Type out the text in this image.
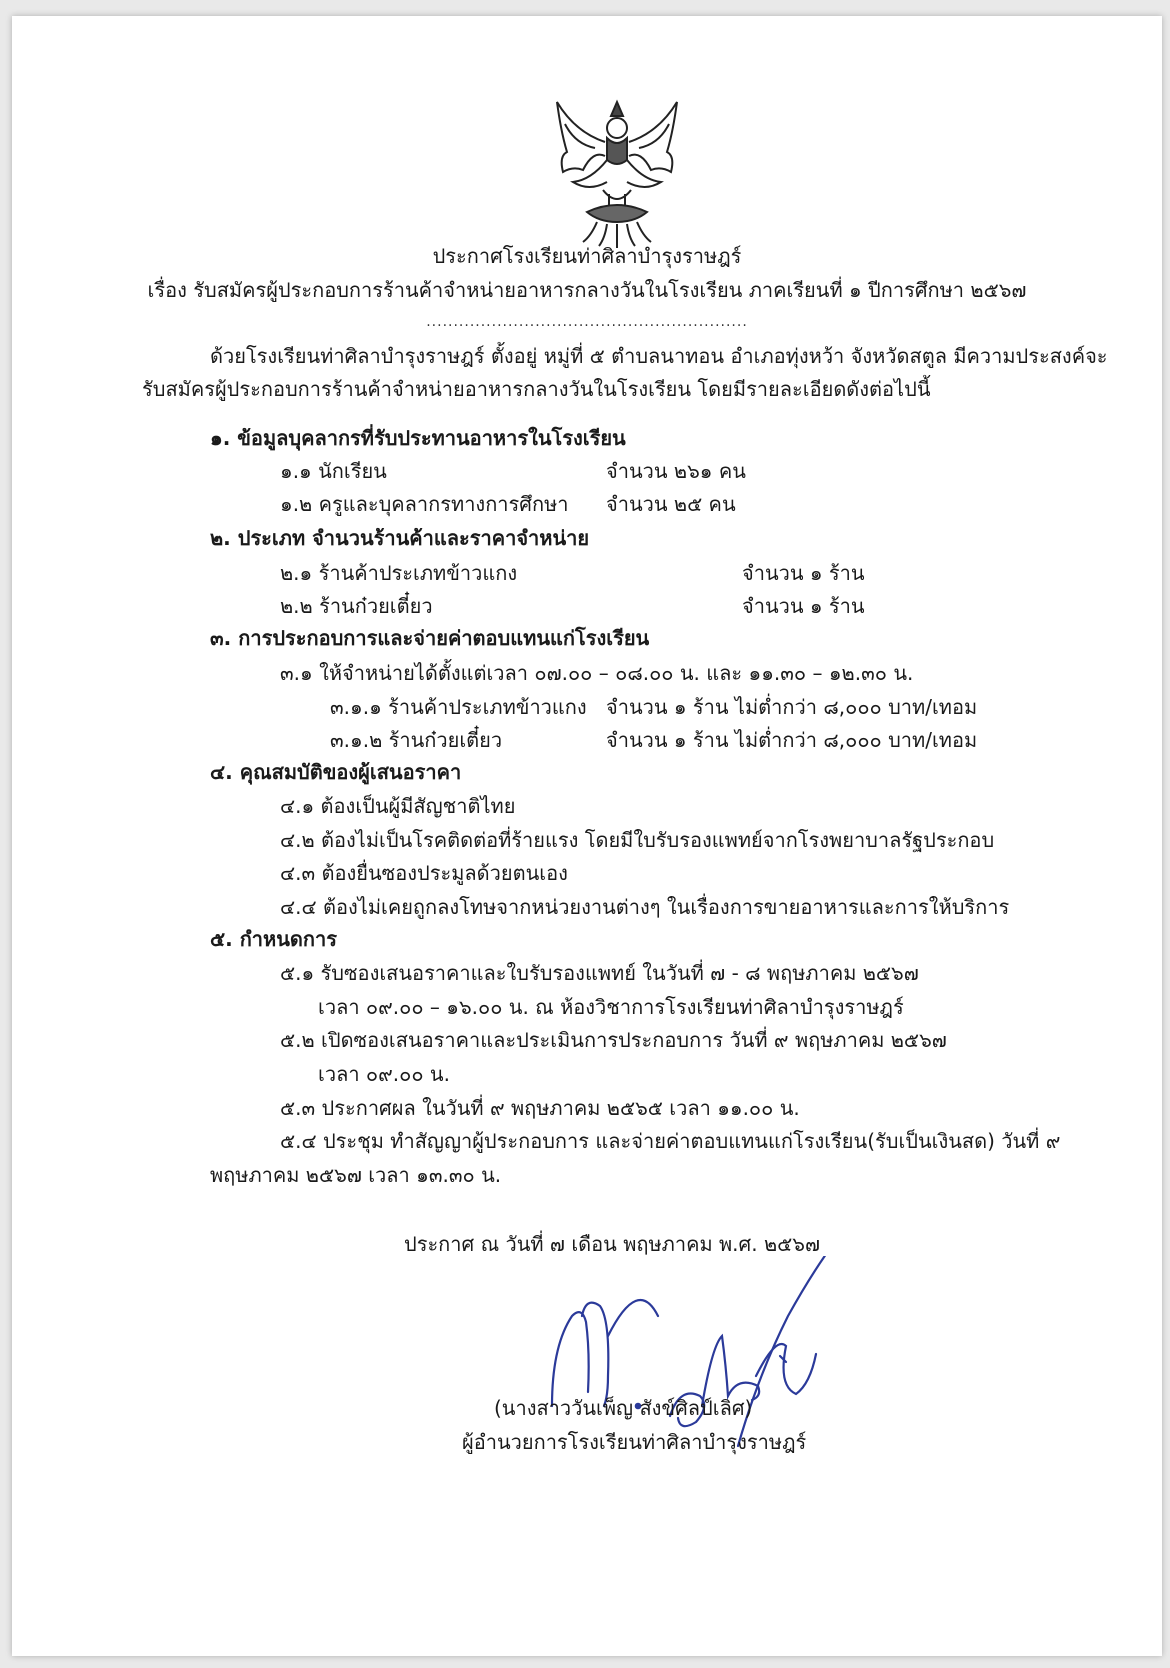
ประกาศโรงเรียนท่าศิลาบำรุงราษฎร์
เรื่อง รับสมัครผู้ประกอบการร้านค้าจำหน่ายอาหารกลางวันในโรงเรียน ภาคเรียนที่ ๑ ปีการศึกษา ๒๕๖๗
...........................................................
ด้วยโรงเรียนท่าศิลาบำรุงราษฎร์ ตั้งอยู่ หมู่ที่ ๕ ตำบลนาทอน อำเภอทุ่งหว้า จังหวัดสตูล มีความประสงค์จะ
รับสมัครผู้ประกอบการร้านค้าจำหน่ายอาหารกลางวันในโรงเรียน โดยมีรายละเอียดดังต่อไปนี้
๑. ข้อมูลบุคลากรที่รับประทานอาหารในโรงเรียน
๑.๑ นักเรียน	จำนวน ๒๖๑ คน
๑.๒ ครูและบุคลากรทางการศึกษา จำนวน ๒๕ คน
๒. ประเภท จำนวนร้านค้าและราคาจำหน่าย
๒.๑ ร้านค้าประเภทข้าวแกง	จำนวน ๑ ร้าน
๒.๒ ร้านก๋วยเตี๋ยว	จำนวน ๑ ร้าน
๓. การประกอบการและจ่ายค่าตอบแทนแก่โรงเรียน
๓.๑ ให้จำหน่ายได้ตั้งแต่เวลา ๐๗.๐๐ – ๐๘.๐๐ น. และ ๑๑.๓๐ – ๑๒.๓๐ น.
๓.๑.๑ ร้านค้าประเภทข้าวแกง จำนวน ๑ ร้าน ไม่ต่ำกว่า ๘,๐๐๐ บาท/เทอม
๓.๑.๒ ร้านก๋วยเตี๋ยว	จำนวน ๑ ร้าน ไม่ต่ำกว่า ๘,๐๐๐ บาท/เทอม
๔. คุณสมบัติของผู้เสนอราคา
๔.๑ ต้องเป็นผู้มีสัญชาติไทย
๔.๒ ต้องไม่เป็นโรคติดต่อที่ร้ายแรง โดยมีใบรับรองแพทย์จากโรงพยาบาลรัฐประกอบ
๔.๓ ต้องยื่นซองประมูลด้วยตนเอง
๔.๔ ต้องไม่เคยถูกลงโทษจากหน่วยงานต่างๆ ในเรื่องการขายอาหารและการให้บริการ
๕. กำหนดการ
๕.๑ รับซองเสนอราคาและใบรับรองแพทย์ ในวันที่ ๗ - ๘ พฤษภาคม ๒๕๖๗
เวลา ๐๙.๐๐ – ๑๖.๐๐ น. ณ ห้องวิชาการโรงเรียนท่าศิลาบำรุงราษฎร์
๕.๒ เปิดซองเสนอราคาและประเมินการประกอบการ วันที่ ๙ พฤษภาคม ๒๕๖๗
เวลา ๐๙.๐๐ น.
๕.๓ ประกาศผล ในวันที่ ๙ พฤษภาคม ๒๕๖๕ เวลา ๑๑.๐๐ น.
๕.๔ ประชุม ทำสัญญาผู้ประกอบการ และจ่ายค่าตอบแทนแก่โรงเรียน(รับเป็นเงินสด) วันที่ ๙
พฤษภาคม ๒๕๖๗ เวลา ๑๓.๓๐ น.
ประกาศ ณ วันที่ ๗ เดือน พฤษภาคม พ.ศ. ๒๕๖๗
(นางสาววันเพ็ญ สังข์ศิลป์เลิศ)
ผู้อำนวยการโรงเรียนท่าศิลาบำรุงราษฎร์
